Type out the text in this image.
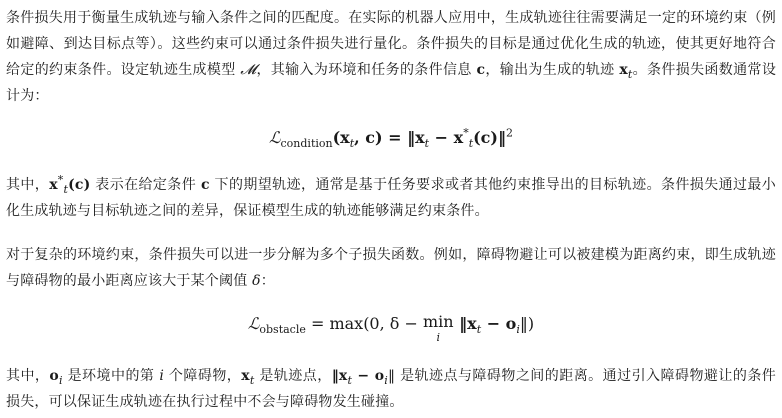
条件损失用于衡量生成轨迹与输入条件之间的匹配度。在实际的机器人应用中，生成轨迹往往需要满足一定的环境约束（例如避障、到达目标点等）。这些约束可以通过条件损失进行量化。条件损失的目标是通过优化生成的轨迹，使其更好地符合给定的约束条件。设定轨迹生成模型 𝓜，其输入为环境和任务的条件信息 c，输出为生成的轨迹 $x_t$。条件损失函数通常设计为：

$ℒ_{condition}(x_t$, $c) = ‖x_t$ − $x^*_t(c)‖^2$

其中，$x^*_t(c)$ 表示在给定条件 c 下的期望轨迹，通常是基于任务要求或者其他约束推导出的目标轨迹。条件损失通过最小化生成轨迹与目标轨迹之间的差异，保证模型生成的轨迹能够满足约束条件。

对于复杂的环境约束，条件损失可以进一步分解为多个子损失函数。例如，障碍物避让可以被建模为距离约束，即生成轨迹与障碍物的最小距离应该大于某个阈值 δ：

ℒ$_{obstacle}$ = max(0, δ − min
i
$‖x_t$ − $o_i‖$)

其中，$o_i$ 是环境中的第 i 个障碍物，$x_t$ 是轨迹点，$‖x_t$ − $o_i‖$ 是轨迹点与障碍物之间的距离。通过引入障碍物避让的条件损失，可以保证生成轨迹在执行过程中不会与障碍物发生碰撞。
